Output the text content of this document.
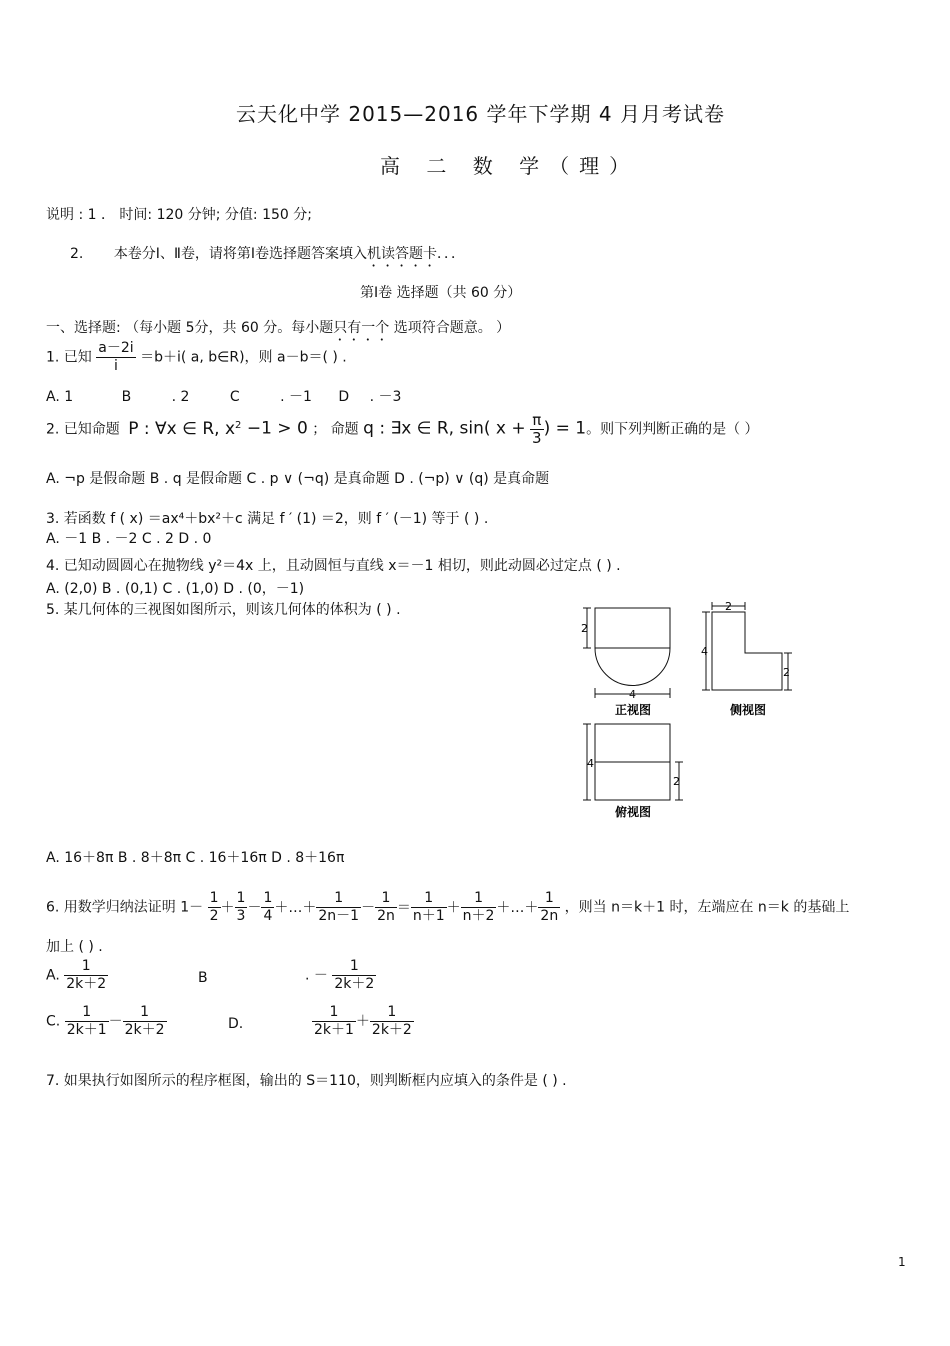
云天化中学 2015—2016 学年下学期 4 月月考试卷
高 二 数 学（理）
说明 : 1 ． 时间: 120 分钟; 分值: 150 分;
2. 本卷分Ⅰ、Ⅱ卷，请将第Ⅰ卷选择题答案填入机读答题卡．．．
第Ⅰ卷 选择题（共 60 分）
一、选择题: （每小题 5分，共 60 分。每小题只有一个 选项符合题意。 ）
1. 已知 $\frac{a-2i}{i} =b+i$( a, b∈R)，则 a－b＝( ) .
A. 1	B	. 2	C	. －1 D . －3
2. 已知命题 P : ∀x ∈ R, $x^2 -1 > 0$ ； 命题 q : ∃x ∈ R, sin( $x + \frac{\pi}{3}$ ) = 1。则下列判断正确的是（ ）
A. ¬p 是假命题 B . q 是假命题 C . p ∨ (¬q) 是真命题 D . (¬p) ∨ (q) 是真命题
3. 若函数 f ( x) ＝ax⁴＋bx²＋c 满足 f ′ (1) ＝2，则 f ′ (－1) 等于 ( ) .
A. －1 B . －2 C . 2 D . 0
4. 已知动圆圆心在抛物线 y²＝4x 上，且动圆恒与直线 x＝－1 相切，则此动圆必过定点 ( ) .
A. (2,0) B . (0,1) C . (1,0) D . (0，－1)
5. 某几何体的三视图如图所示，则该几何体的体积为 ( ) .
2
4
正视图
2
4
2
侧视图
4
2
俯视图
A. 16＋8π B . 8＋8π C . 16＋16π D . 8＋16π
6. 用数学归纳法证明 $1- \frac{1}{2} + \frac{1}{3} - \frac{1}{4}$ ＋…＋ $\frac{1}{2n-1} - \frac{1}{2n} = \frac{1}{n+1} + \frac{1}{n+2}$ ＋…＋ $\frac{1}{2n}$ ，则当 n＝k＋1 时，左端应在 n＝k 的基础上
加上 ( ) .
A. $\frac{1}{2k+2}$	B	. － $\frac{1}{2k+2}$
C. $\frac{1}{2k+1} - \frac{1}{2k+2}$	D.	$\frac{1}{2k+1} + \frac{1}{2k+2}$
7. 如果执行如图所示的程序框图，输出的 S＝110，则判断框内应填入的条件是 ( ) .
1
